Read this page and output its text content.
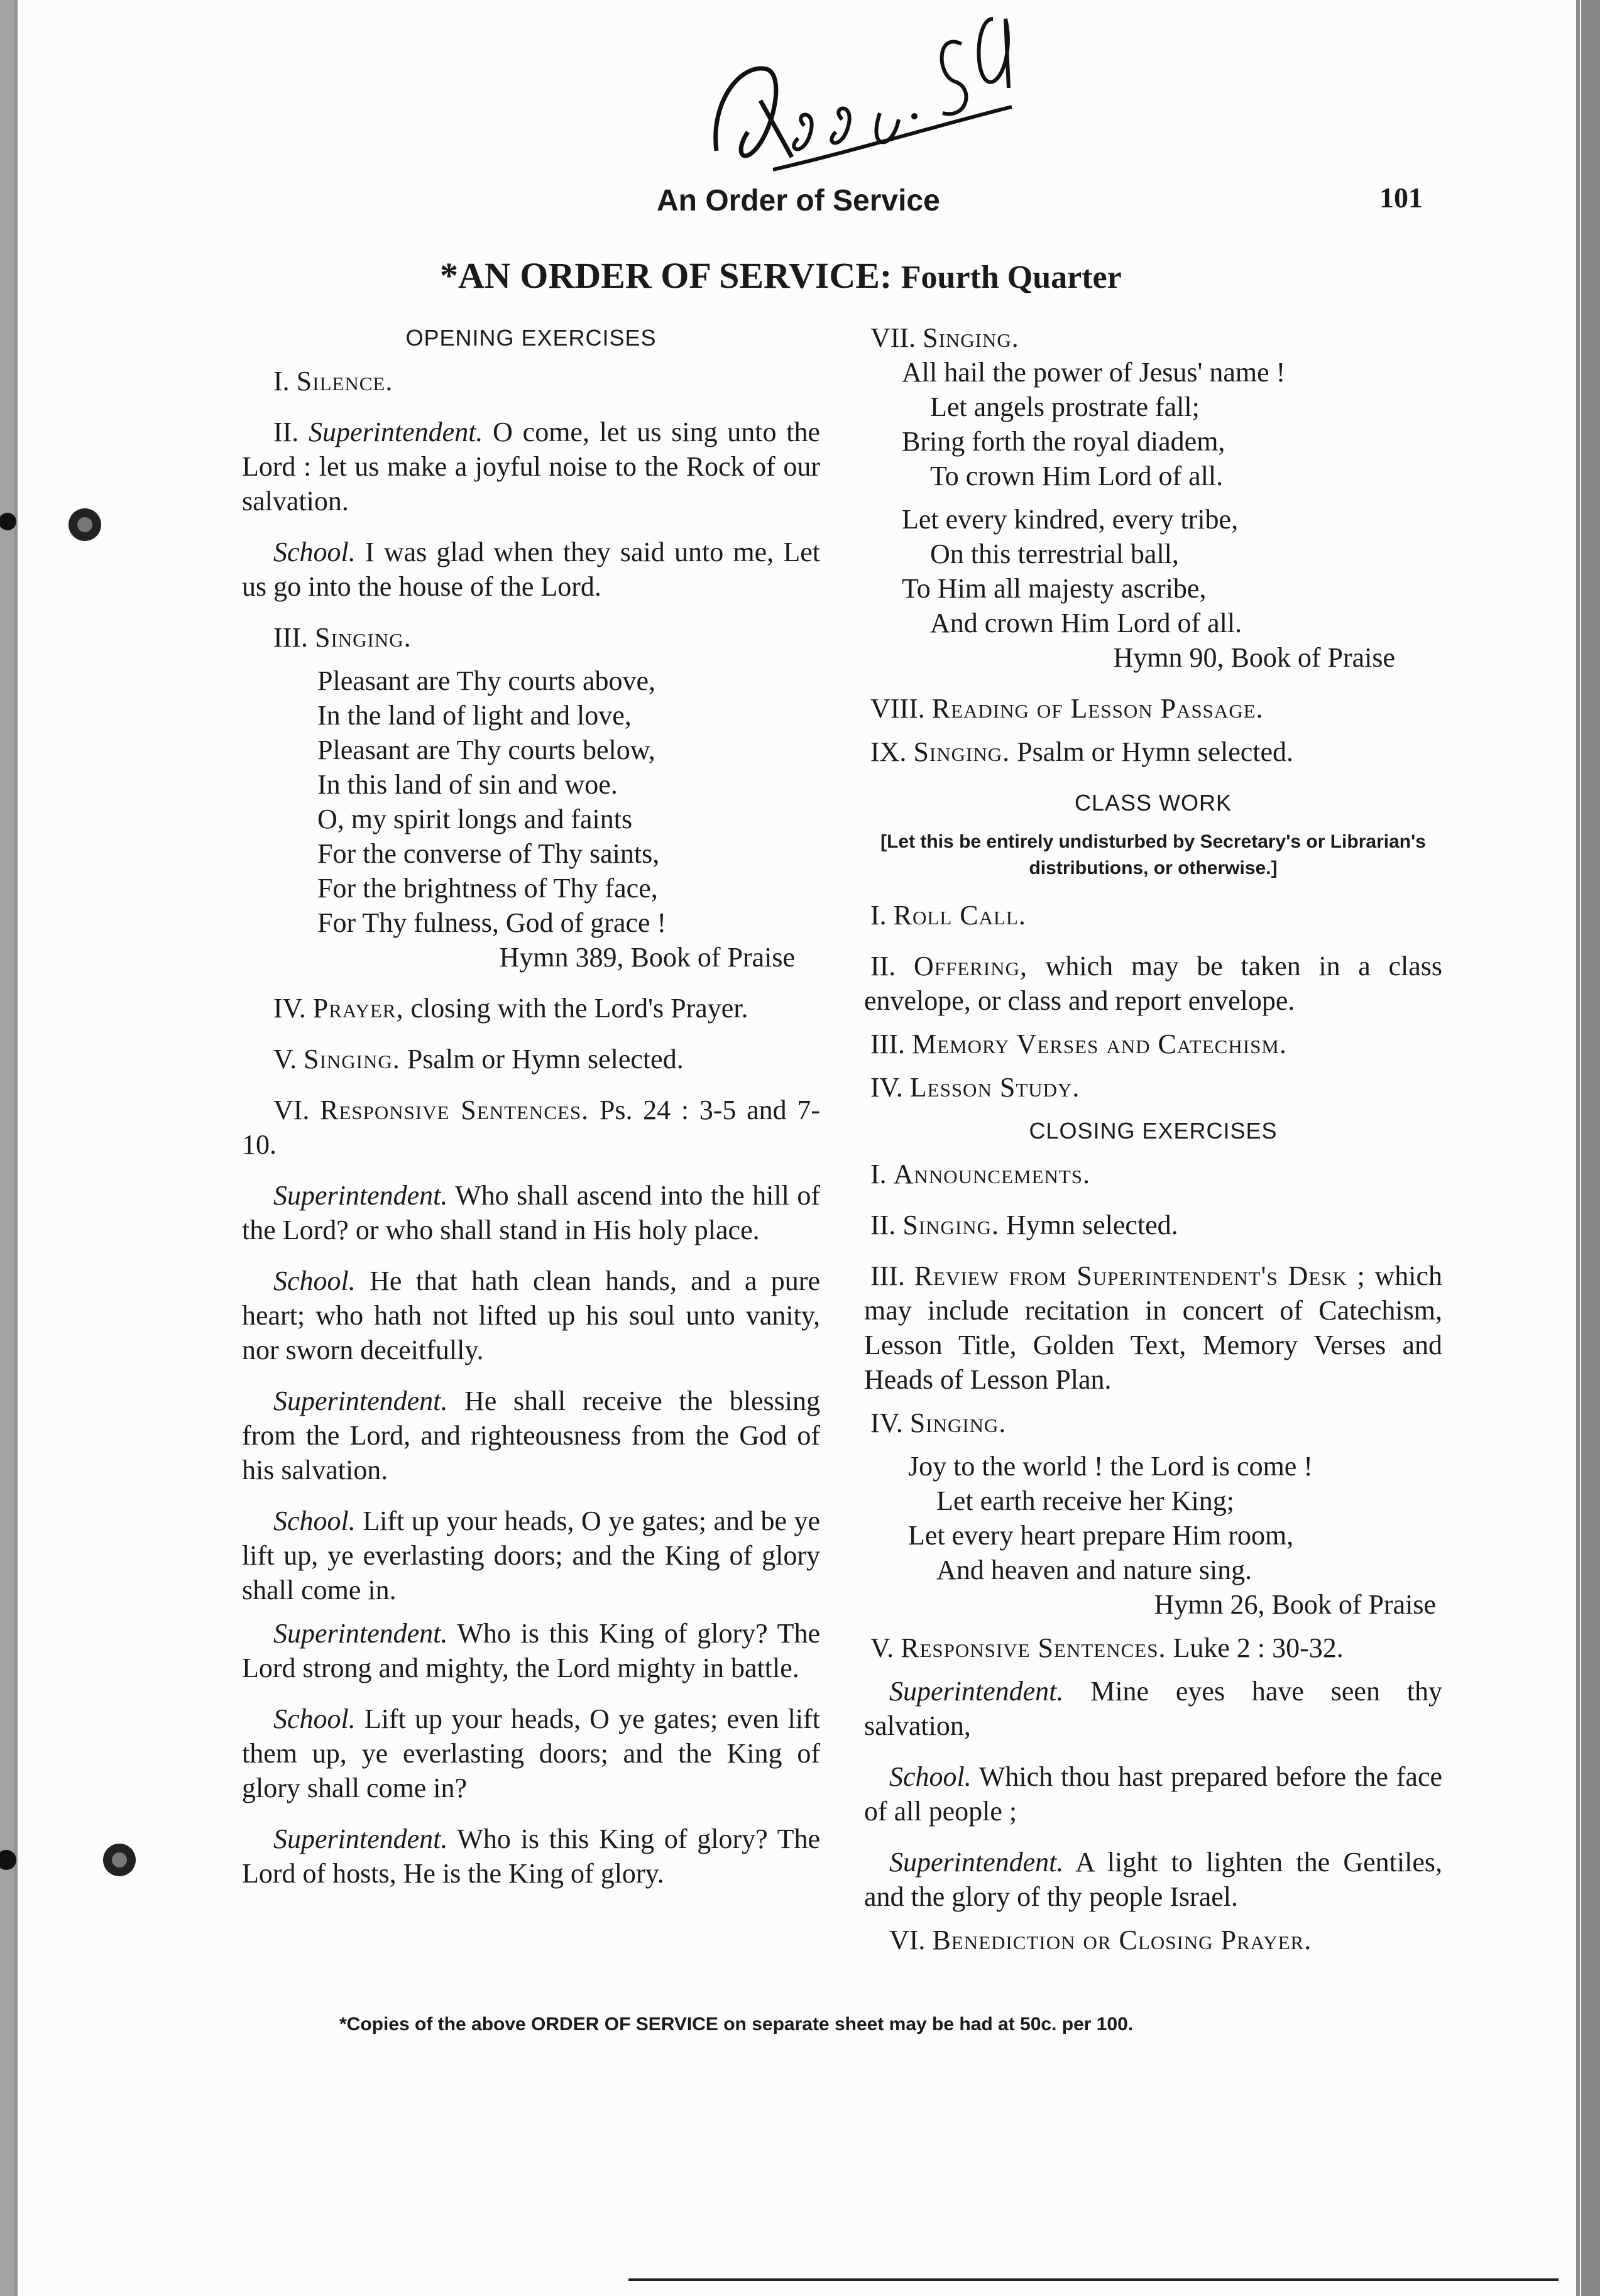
An Order of Service	101
*AN ORDER OF SERVICE: Fourth Quarter
OPENING EXERCISES

I. Silence.

II. Superintendent. O come, let us sing unto the Lord : let us make a joyful noise to the Rock of our salvation.

School. I was glad when they said unto me, Let us go into the house of the Lord.

III. Singing.

Pleasant are Thy courts above,
In the land of light and love,
Pleasant are Thy courts below,
In this land of sin and woe.
O, my spirit longs and faints
For the converse of Thy saints,
For the brightness of Thy face,
For Thy fulness, God of grace !
Hymn 389, Book of Praise

IV. Prayer, closing with the Lord's Prayer.

V. Singing. Psalm or Hymn selected.

VI. Responsive Sentences. Ps. 24 : 3-5 and 7-10.

Superintendent. Who shall ascend into the hill of the Lord? or who shall stand in His holy place.

School. He that hath clean hands, and a pure heart; who hath not lifted up his soul unto vanity, nor sworn deceitfully.

Superintendent. He shall receive the blessing from the Lord, and righteousness from the God of his salvation.

School. Lift up your heads, O ye gates; and be ye lift up, ye everlasting doors; and the King of glory shall come in.

Superintendent. Who is this King of glory? The Lord strong and mighty, the Lord mighty in battle.

School. Lift up your heads, O ye gates; even lift them up, ye everlasting doors; and the King of glory shall come in?

Superintendent. Who is this King of glory? The Lord of hosts, He is the King of glory.

VII. Singing.

All hail the power of Jesus' name !
Let angels prostrate fall;
Bring forth the royal diadem,
To crown Him Lord of all.
Let every kindred, every tribe,
On this terrestrial ball,
To Him all majesty ascribe,
And crown Him Lord of all.
Hymn 90, Book of Praise

VIII. Reading of Lesson Passage.

IX. Singing. Psalm or Hymn selected.

CLASS WORK
[Let this be entirely undisturbed by Secretary's or Librarian's distributions, or otherwise.]

I. Roll Call.

II. Offering, which may be taken in a class envelope, or class and report envelope.

III. Memory Verses and Catechism.

IV. Lesson Study.

CLOSING EXERCISES

I. Announcements.

II. Singing. Hymn selected.

III. Review from Superintendent's Desk ; which may include recitation in concert of Catechism, Lesson Title, Golden Text, Memory Verses and Heads of Lesson Plan.

IV. Singing.

Joy to the world ! the Lord is come !
Let earth receive her King;
Let every heart prepare Him room,
And heaven and nature sing.
Hymn 26, Book of Praise

V. Responsive Sentences. Luke 2 : 30-32.

Superintendent. Mine eyes have seen thy salvation,

School. Which thou hast prepared before the face of all people ;

Superintendent. A light to lighten the Gentiles, and the glory of thy people Israel.

VI. Benediction or Closing Prayer.

*Copies of the above ORDER OF SERVICE on separate sheet may be had at 50c. per 100.
